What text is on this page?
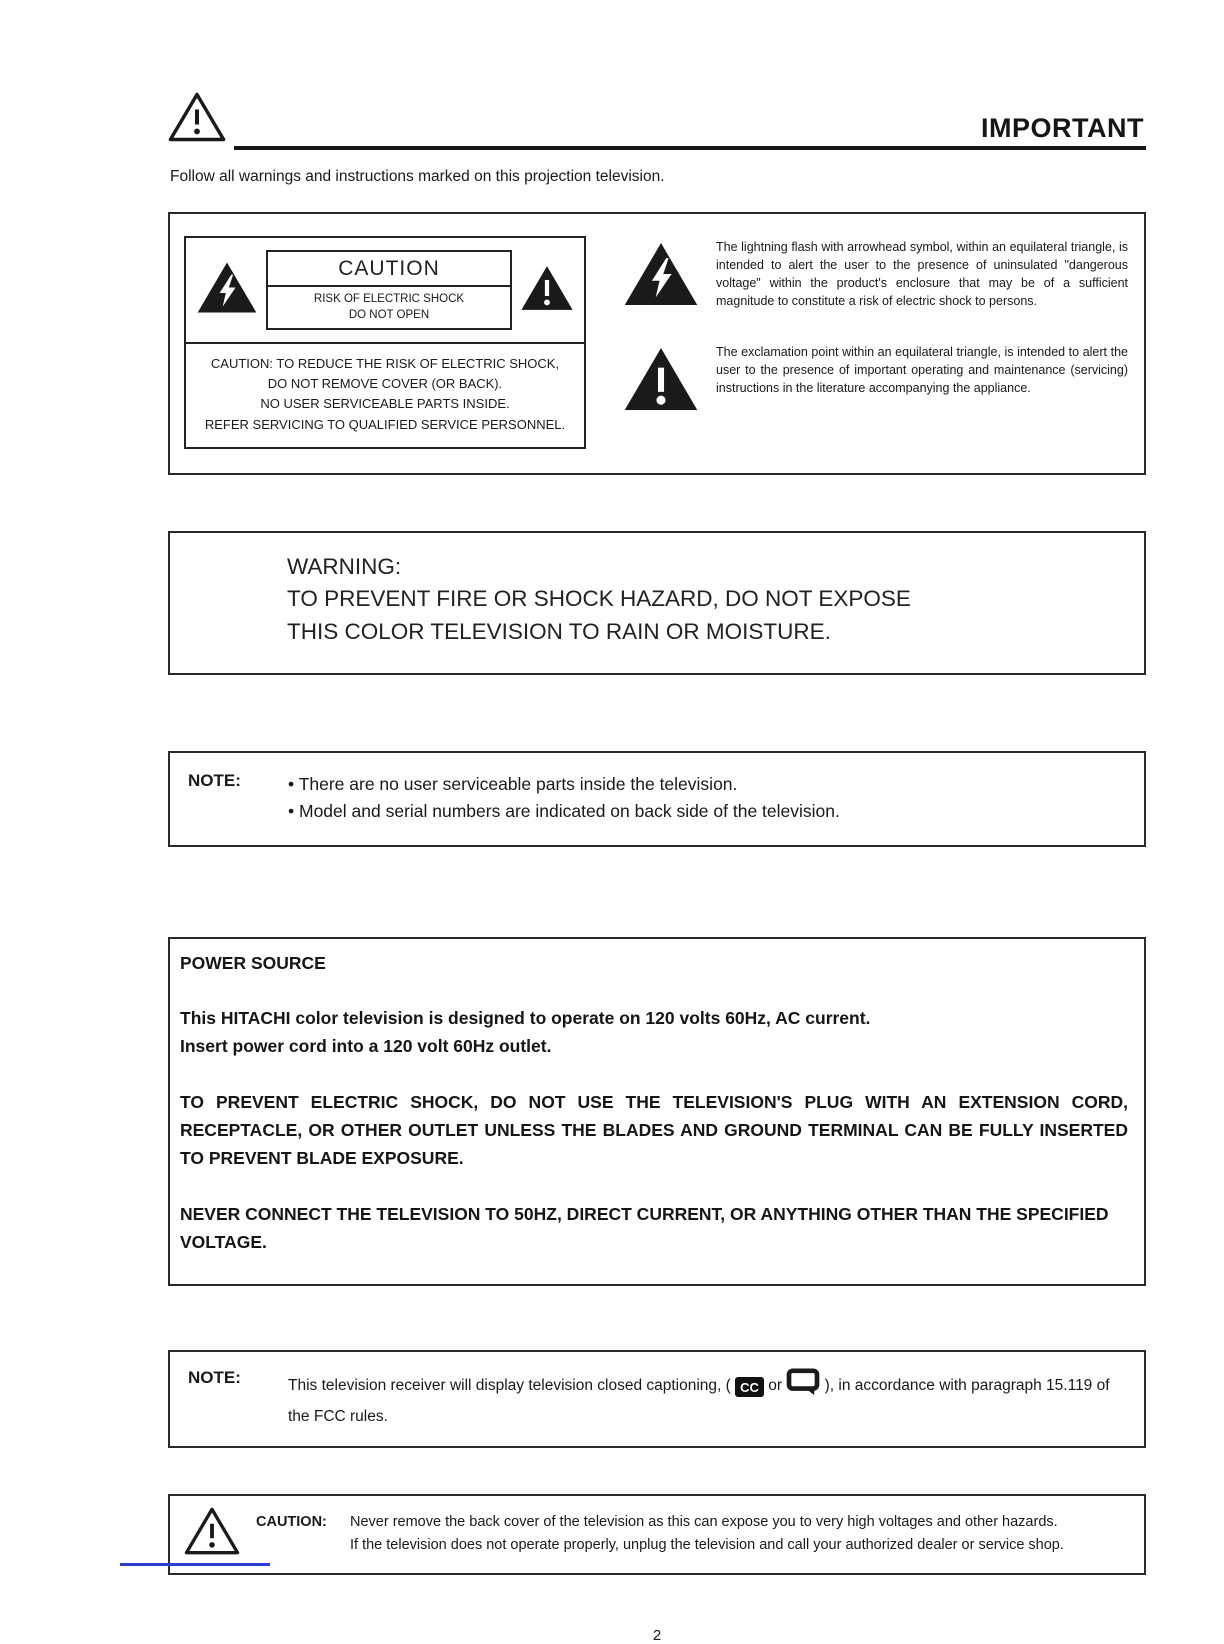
IMPORTANT

Follow all warnings and instructions marked on this projection television.

CAUTION
RISK OF ELECTRIC SHOCK
DO NOT OPEN
CAUTION: TO REDUCE THE RISK OF ELECTRIC SHOCK,
DO NOT REMOVE COVER (OR BACK).
NO USER SERVICEABLE PARTS INSIDE.
REFER SERVICING TO QUALIFIED SERVICE PERSONNEL.

The lightning flash with arrowhead symbol, within an equilateral triangle, is intended to alert the user to the presence of uninsulated "dangerous voltage" within the product's enclosure that may be of a sufficient magnitude to constitute a risk of electric shock to persons.

The exclamation point within an equilateral triangle, is intended to alert the user to the presence of important operating and maintenance (servicing) instructions in the literature accompanying the appliance.

WARNING:
TO PREVENT FIRE OR SHOCK HAZARD, DO NOT EXPOSE
THIS COLOR TELEVISION TO RAIN OR MOISTURE.
NOTE:	• There are no user serviceable parts inside the television.
• Model and serial numbers are indicated on back side of the television.
POWER SOURCE
This HITACHI color television is designed to operate on 120 volts 60Hz, AC current.
Insert power cord into a 120 volt 60Hz outlet.

TO PREVENT ELECTRIC SHOCK, DO NOT USE THE TELEVISION'S PLUG WITH AN EXTENSION CORD, RECEPTACLE, OR OTHER OUTLET UNLESS THE BLADES AND GROUND TERMINAL CAN BE FULLY INSERTED TO PREVENT BLADE EXPOSURE.

NEVER CONNECT THE TELEVISION TO 50HZ, DIRECT CURRENT, OR ANYTHING OTHER THAN THE SPECIFIED VOLTAGE.

NOTE:	This television receiver will display television closed captioning, ( CC or  ), in accordance with paragraph 15.119 of the FCC rules.

CAUTION:	Never remove the back cover of the television as this can expose you to very high voltages and other hazards.
If the television does not operate properly, unplug the television and call your authorized dealer or service shop.
2
